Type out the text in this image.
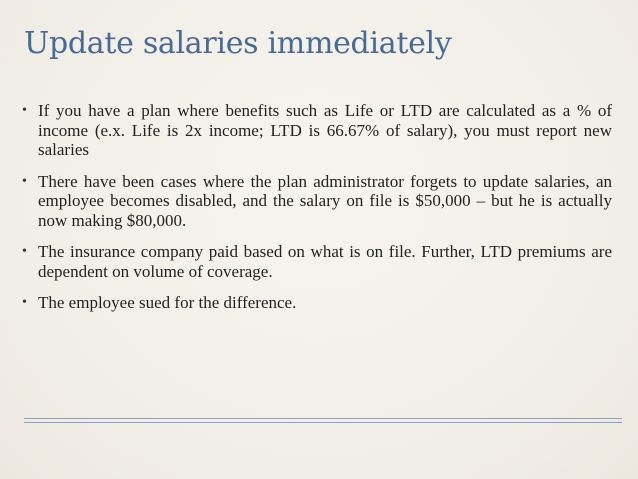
Update salaries immediately
• If you have a plan where benefits such as Life or LTD are calculated as a % of income (e.x. Life is 2x income; LTD is 66.67% of salary), you must report new salaries
• There have been cases where the plan administrator forgets to update salaries, an employee becomes disabled, and the salary on file is $50,000 – but he is actually now making $80,000.
• The insurance company paid based on what is on file. Further, LTD premiums are dependent on volume of coverage.
• The employee sued for the difference.
